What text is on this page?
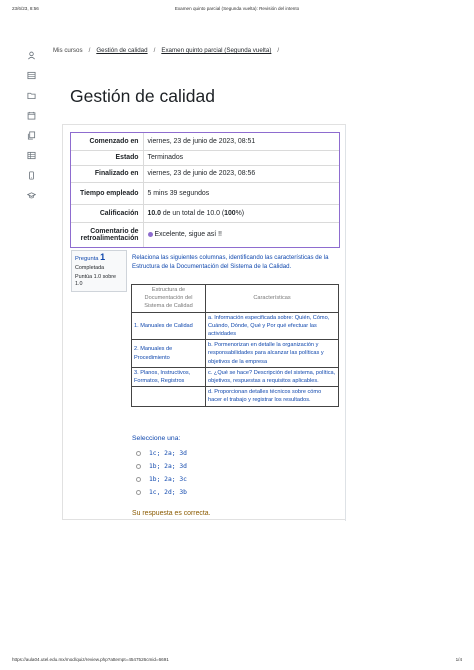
23/6/23, 8:56	Examen quinto parcial (Segunda vuelta): Revisión del intento
Mis cursos / Gestión de calidad / Examen quinto parcial (Segunda vuelta) /
Gestión de calidad
Comenzado en	viernes, 23 de junio de 2023, 08:51
Estado	Terminados
Finalizado en	viernes, 23 de junio de 2023, 08:56
Tiempo empleado	5 mins 39 segundos
Calificación	10.0 de un total de 10.0 (100%)
Comentario de retroalimentación	Excelente, sigue así !!
Pregunta 1
Completada
Puntúa 1.0 sobre 1.0
Relaciona las siguientes columnas, identificando las características de la Estructura de la Documentación del Sistema de la Calidad.
Estructura de Documentación del Sistema de Calidad	Características
1. Manuales de Calidad	a. Información especificada sobre: Quién, Cómo, Cuándo, Dónde, Qué y Por qué efectuar las actividades
2. Manuales de Procedimiento	b. Pormenorizan en detalle la organización y responsabilidades para alcanzar las políticas y objetivos de la empresa
3. Planos, Instructivos, Formatos, Registros	c. ¿Qué se hace? Descripción del sistema, política, objetivos, respuestas a requisitos aplicables.
	d. Proporcionan detalles técnicos sobre cómo hacer el trabajo y registrar los resultados.
Seleccione una:
1c; 2a; 3d
1b; 2a; 3d
1b; 2a; 3c
1c, 2d; 3b
Su respuesta es correcta.
https://aula04.utel.edu.mx/mod/quiz/review.php?attempt=4547526cmid=6691	1/4
